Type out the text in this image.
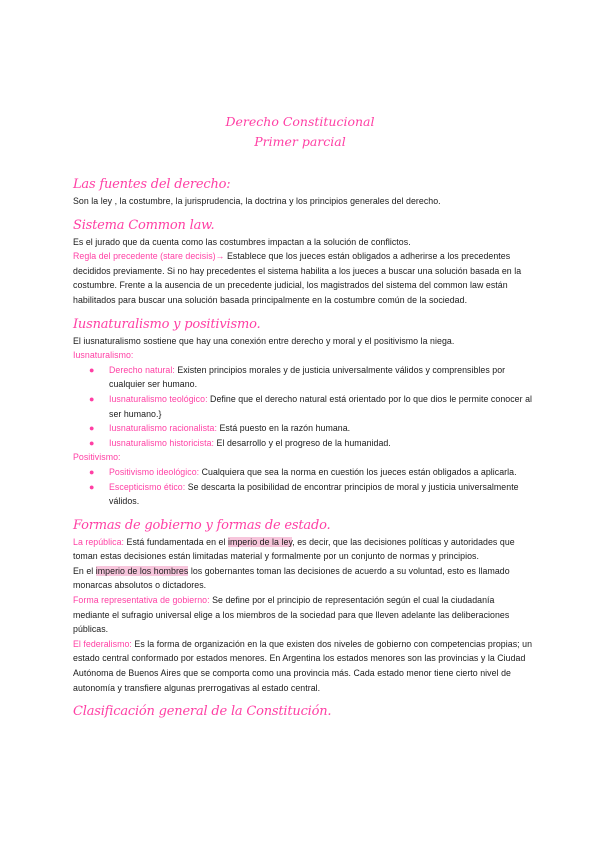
Derecho Constitucional
Primer parcial
Las fuentes del derecho:

Son la ley , la costumbre, la jurisprudencia, la doctrina y los principios generales del derecho.

Sistema Common law.

Es el jurado que da cuenta como las costumbres impactan a la solución de conflictos.

Regla del precedente (stare decisis)→ Establece que los jueces están obligados a adherirse a los precedentes decididos previamente. Si no hay precedentes el sistema habilita a los jueces a buscar una solución basada en la costumbre. Frente a la ausencia de un precedente judicial, los magistrados del sistema del common law están habilitados para buscar una solución basada principalmente en la costumbre común de la sociedad.

Iusnaturalismo y positivismo.

El iusnaturalismo sostiene que hay una conexión entre derecho y moral y el positivismo la niega.

Iusnaturalismo:

● Derecho natural: Existen principios morales y de justicia universalmente válidos y comprensibles por cualquier ser humano.
● Iusnaturalismo teológico: Define que el derecho natural está orientado por lo que dios le permite conocer al ser humano.}
● Iusnaturalismo racionalista: Está puesto en la razón humana.
● Iusnaturalismo historicista: El desarrollo y el progreso de la humanidad.

Positivismo:

● Positivismo ideológico: Cualquiera que sea la norma en cuestión los jueces están obligados a aplicarla.
● Escepticismo ético: Se descarta la posibilidad de encontrar principios de moral y justicia universalmente válidos.
Formas de gobierno y formas de estado.

La república: Está fundamentada en el imperio de la ley, es decir, que las decisiones políticas y autoridades que toman estas decisiones están limitadas material y formalmente por un conjunto de normas y principios.

En el imperio de los hombres los gobernantes toman las decisiones de acuerdo a su voluntad, esto es llamado monarcas absolutos o dictadores.

Forma representativa de gobierno: Se define por el principio de representación según el cual la ciudadanía mediante el sufragio universal elige a los miembros de la sociedad para que lleven adelante las deliberaciones públicas.

El federalismo: Es la forma de organización en la que existen dos niveles de gobierno con competencias propias; un estado central conformado por estados menores. En Argentina los estados menores son las provincias y la Ciudad Autónoma de Buenos Aires que se comporta como una provincia más. Cada estado menor tiene cierto nivel de autonomía y transfiere algunas prerrogativas al estado central.

Clasificación general de la Constitución.
